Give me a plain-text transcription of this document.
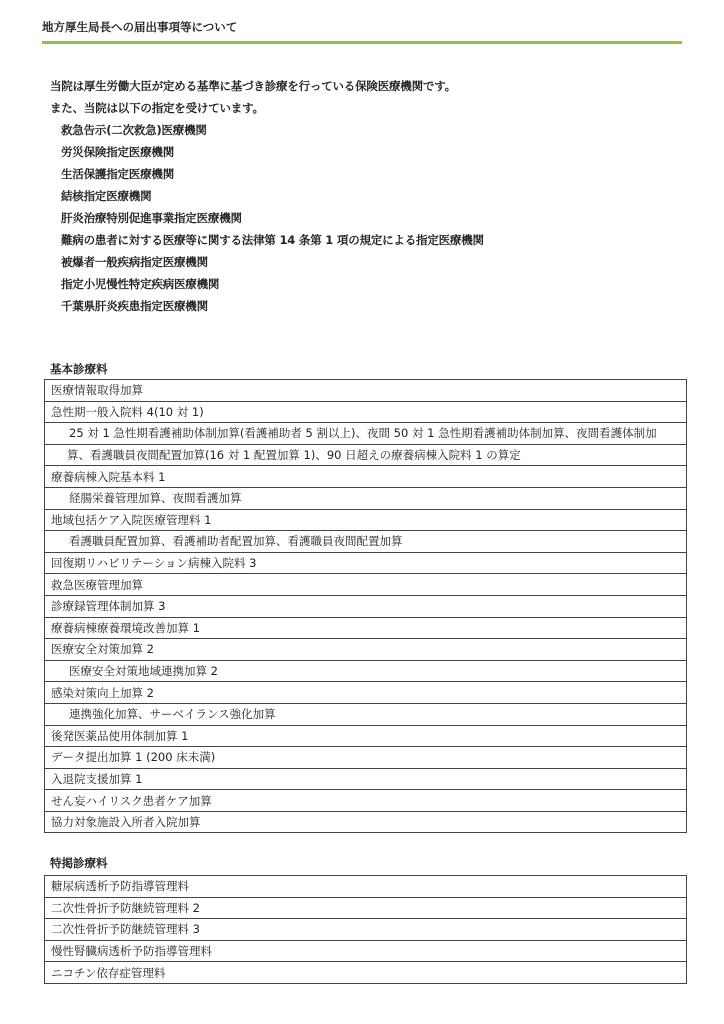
地方厚生局長への届出事項等について
当院は厚生労働大臣が定める基準に基づき診療を行っている保険医療機関です。
また、当院は以下の指定を受けています。
救急告示(二次救急)医療機関
労災保険指定医療機関
生活保護指定医療機関
結核指定医療機関
肝炎治療特別促進事業指定医療機関
難病の患者に対する医療等に関する法律第 14 条第 1 項の規定による指定医療機関
被爆者一般疾病指定医療機関
指定小児慢性特定疾病医療機関
千葉県肝炎疾患指定医療機関
基本診療料
医療情報取得加算
急性期一般入院料 4(10 対 1)
25 対 1 急性期看護補助体制加算(看護補助者 5 割以上)、夜間 50 対 1 急性期看護補助体制加算、夜間看護体制加
算、看護職員夜間配置加算(16 対 1 配置加算 1)、90 日超えの療養病棟入院料 1 の算定
療養病棟入院基本料 1
経腸栄養管理加算、夜間看護加算
地域包括ケア入院医療管理料 1
看護職員配置加算、看護補助者配置加算、看護職員夜間配置加算
回復期リハビリテーション病棟入院料 3
救急医療管理加算
診療録管理体制加算 3
療養病棟療養環境改善加算 1
医療安全対策加算 2
医療安全対策地域連携加算 2
感染対策向上加算 2
連携強化加算、サーベイランス強化加算
後発医薬品使用体制加算 1
データ提出加算 1 (200 床未満)
入退院支援加算 1
せん妄ハイリスク患者ケア加算
協力対象施設入所者入院加算
特掲診療料
糖尿病透析予防指導管理料
二次性骨折予防継続管理料 2
二次性骨折予防継続管理料 3
慢性腎臓病透析予防指導管理料
ニコチン依存症管理料
